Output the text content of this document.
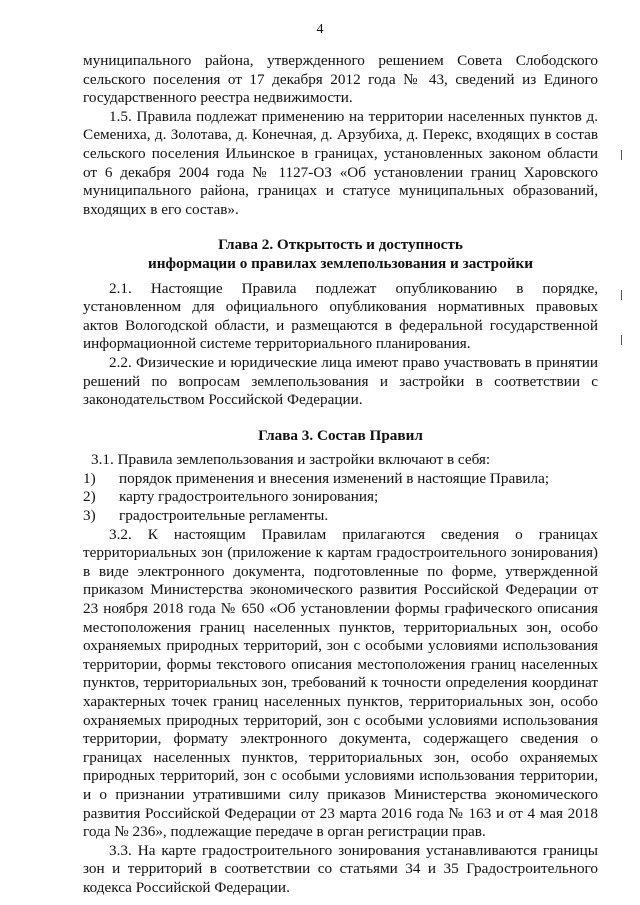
4

муниципального района, утвержденного решением Совета Слободского сельского поселения от 17 декабря 2012 года № 43, сведений из Единого государственного реестра недвижимости.

1.5. Правила подлежат применению на территории населенных пунктов д. Семениха, д. Золотава, д. Конечная, д. Арзубиха, д. Перекс, входящих в состав сельского поселения Ильинское в границах, установленных законом области от 6 декабря 2004 года № 1127-ОЗ «Об установлении границ Харовского муниципального района, границах и статусе муниципальных образований, входящих в его состав».

Глава 2. Открытость и доступность
информации о правилах землепользования и застройки

2.1. Настоящие Правила подлежат опубликованию в порядке, установленном для официального опубликования нормативных правовых актов Вологодской области, и размещаются в федеральной государственной информационной системе территориального планирования.

2.2. Физические и юридические лица имеют право участвовать в принятии решений по вопросам землепользования и застройки в соответствии с законодательством Российской Федерации.

Глава 3. Состав Правил

3.1. Правила землепользования и застройки включают в себя:

1)	порядок применения и внесения изменений в настоящие Правила;
2)	карту градостроительного зонирования;
3)	градостроительные регламенты.

3.2. К настоящим Правилам прилагаются сведения о границах территориальных зон (приложение к картам градостроительного зонирования) в виде электронного документа, подготовленные по форме, утвержденной приказом Министерства экономического развития Российской Федерации от 23 ноября 2018 года № 650 «Об установлении формы графического описания местоположения границ населенных пунктов, территориальных зон, особо охраняемых природных территорий, зон с особыми условиями использования территории, формы текстового описания местоположения границ населенных пунктов, территориальных зон, требований к точности определения координат характерных точек границ населенных пунктов, территориальных зон, особо охраняемых природных территорий, зон с особыми условиями использования территории, формату электронного документа, содержащего сведения о границах населенных пунктов, территориальных зон, особо охраняемых природных территорий, зон с особыми условиями использования территории, и о признании утратившими силу приказов Министерства экономического развития Российской Федерации от 23 марта 2016 года № 163 и от 4 мая 2018 года № 236», подлежащие передаче в орган регистрации прав.

3.3. На карте градостроительного зонирования устанавливаются границы зон и территорий в соответствии со статьями 34 и 35 Градостроительного кодекса Российской Федерации.
